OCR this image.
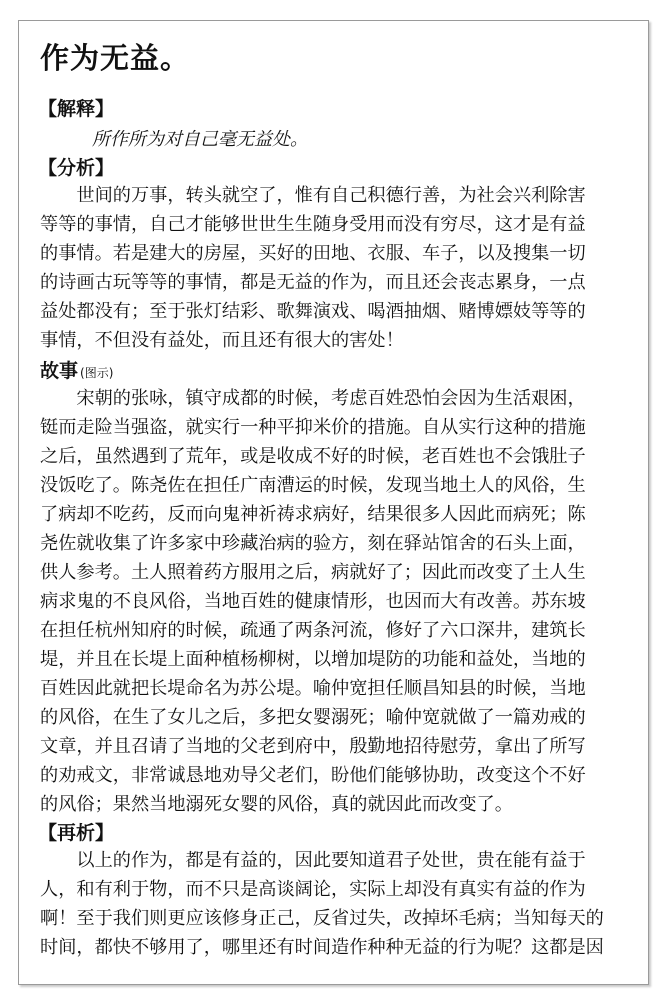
作为无益。
【解释】
所作所为对自己毫无益处。
【分析】
　　世间的万事，转头就空了，惟有自己积德行善，为社会兴利除害
等等的事情，自己才能够世世生生随身受用而没有穷尽，这才是有益
的事情。若是建大的房屋，买好的田地、衣服、车子，以及搜集一切
的诗画古玩等等的事情，都是无益的作为，而且还会丧志累身，一点
益处都没有；至于张灯结彩、歌舞演戏、喝酒抽烟、赌博嫖妓等等的
事情，不但没有益处，而且还有很大的害处！
故事 (图示)
　　宋朝的张咏，镇守成都的时候，考虑百姓恐怕会因为生活艰困，
铤而走险当强盗，就实行一种平抑米价的措施。自从实行这种的措施
之后，虽然遇到了荒年，或是收成不好的时候，老百姓也不会饿肚子
没饭吃了。陈尧佐在担任广南漕运的时候，发现当地土人的风俗，生
了病却不吃药，反而向鬼神祈祷求病好，结果很多人因此而病死；陈
尧佐就收集了许多家中珍藏治病的验方，刻在驿站馆舍的石头上面，
供人参考。土人照着药方服用之后，病就好了；因此而改变了土人生
病求鬼的不良风俗，当地百姓的健康情形，也因而大有改善。苏东坡
在担任杭州知府的时候，疏通了两条河流，修好了六口深井，建筑长
堤，并且在长堤上面种植杨柳树，以增加堤防的功能和益处，当地的
百姓因此就把长堤命名为苏公堤。喻仲宽担任顺昌知县的时候，当地
的风俗，在生了女儿之后，多把女婴溺死；喻仲宽就做了一篇劝戒的
文章，并且召请了当地的父老到府中，殷勤地招待慰劳，拿出了所写
的劝戒文，非常诚恳地劝导父老们，盼他们能够协助，改变这个不好
的风俗；果然当地溺死女婴的风俗，真的就因此而改变了。
【再析】
　　以上的作为，都是有益的，因此要知道君子处世，贵在能有益于
人，和有利于物，而不只是高谈阔论，实际上却没有真实有益的作为
啊！至于我们则更应该修身正己，反省过失，改掉坏毛病；当知每天的
时间，都快不够用了，哪里还有时间造作种种无益的行为呢？这都是因
